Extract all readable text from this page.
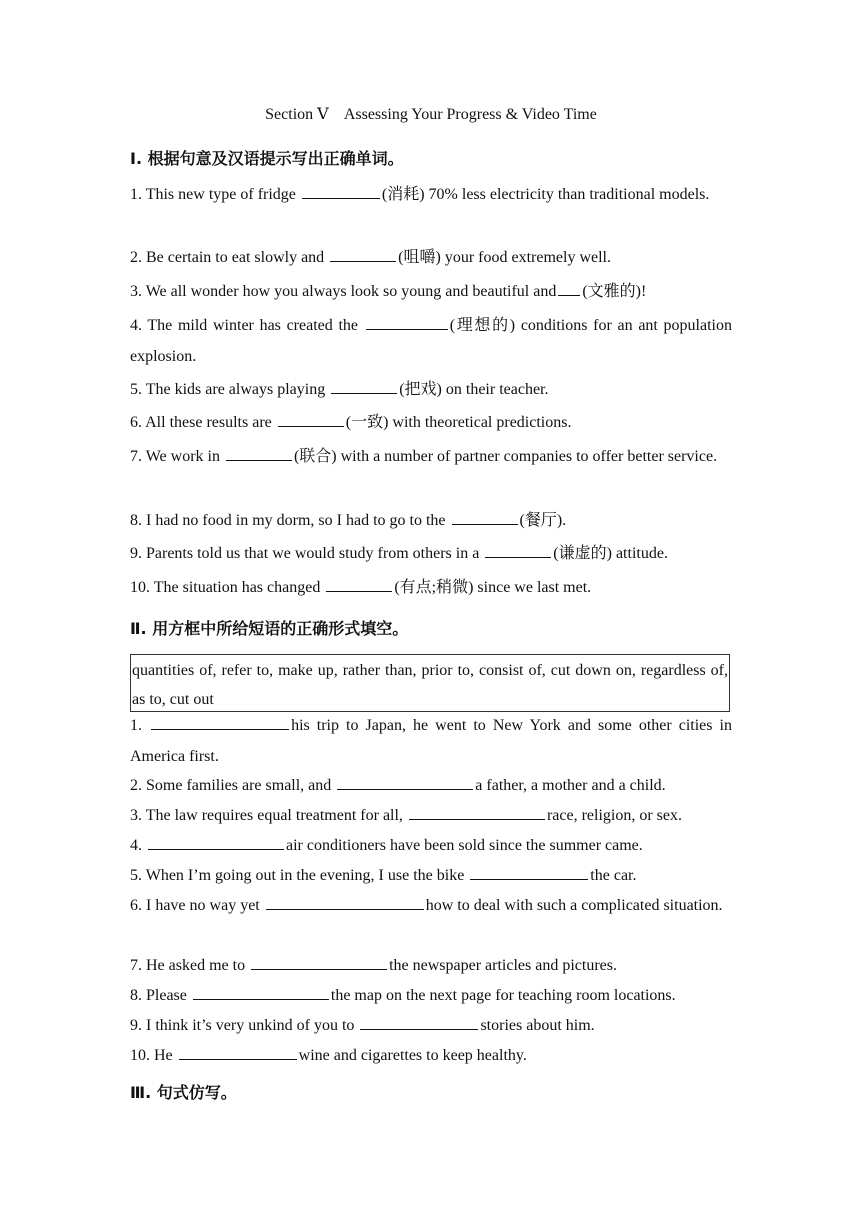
Section Ⅴ    Assessing Your Progress & Video Time
Ⅰ. 根据句意及汉语提示写出正确单词。
1. This new type of fridge	(消耗) 70% less electricity than traditional models.
2. Be certain to eat slowly and	(咀嚼) your food extremely well.
3. We all wonder how you always look so young and beautiful and (文雅的)!
4. The mild winter has created the	(理想的) conditions for an ant population explosion.
5. The kids are always playing	(把戏) on their teacher.
6. All these results are	(一致) with theoretical predictions.
7. We work in	(联合) with a number of partner companies to offer better service.
8. I had no food in my dorm, so I had to go to the	(餐厅).
9. Parents told us that we would study from others in a	(谦虚的) attitude.
10. The situation has changed	(有点;稍微) since we last met.
Ⅱ. 用方框中所给短语的正确形式填空。
quantities of, refer to, make up, rather than, prior to, consist of, cut down on, regardless of, as to, cut out
1.	his trip to Japan, he went to New York and some other cities in America first.
2. Some families are small, and	a father, a mother and a child.
3. The law requires equal treatment for all,	race, religion, or sex.
4.	air conditioners have been sold since the summer came.
5. When I’m going out in the evening, I use the bike	the car.
6. I have no way yet	how to deal with such a complicated situation.
7. He asked me to	the newspaper articles and pictures.
8. Please	the map on the next page for teaching room locations.
9. I think it’s very unkind of you to	stories about him.
10. He	wine and cigarettes to keep healthy.
Ⅲ. 句式仿写。
